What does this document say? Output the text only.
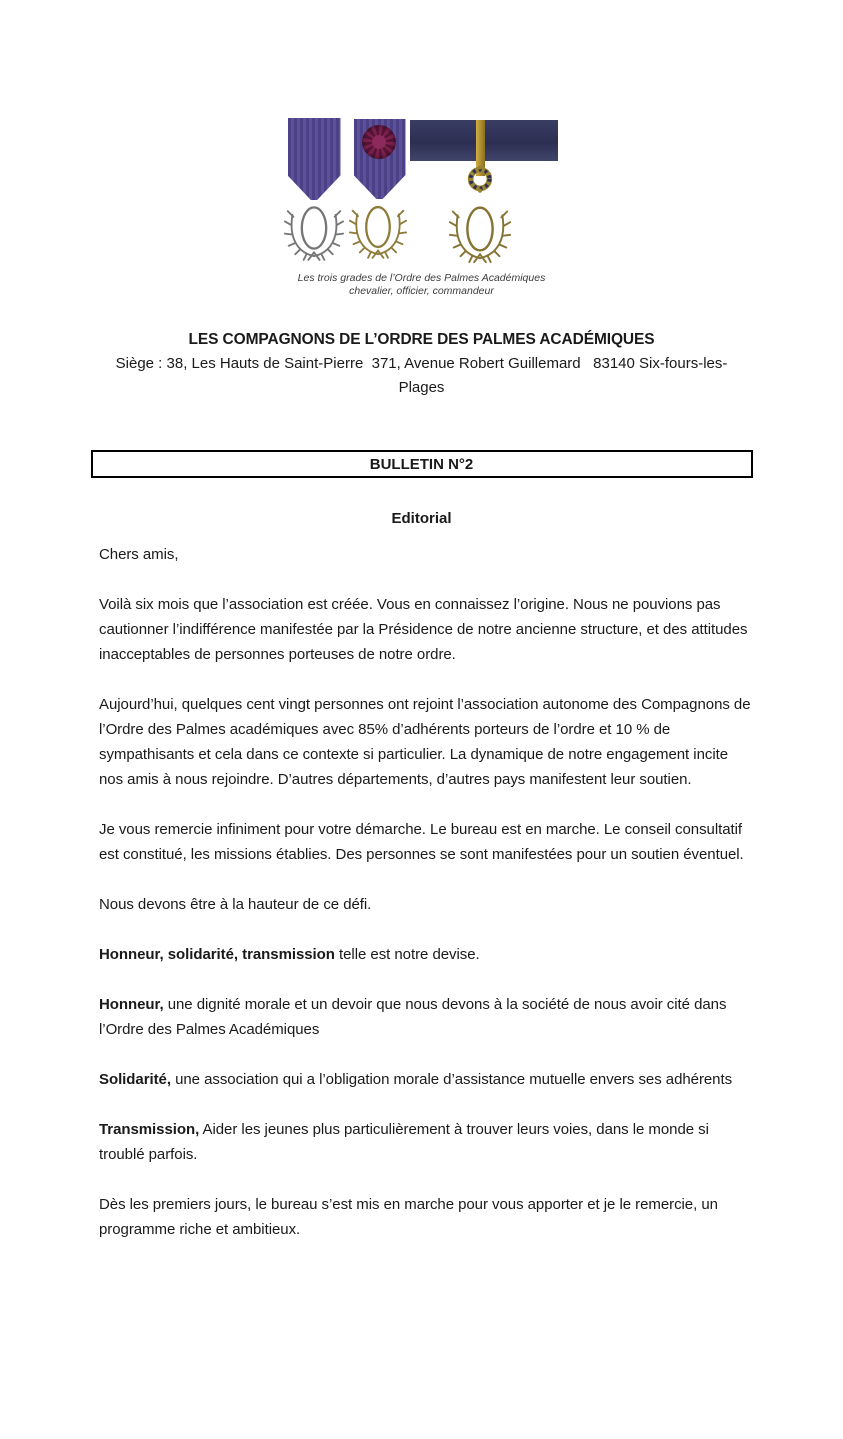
Les trois grades de l’Ordre des Palmes Académiques
chevalier, officier, commandeur
LES COMPAGNONS DE L’ORDRE DES PALMES ACADÉMIQUES
Siège : 38, Les Hauts de Saint-Pierre  371, Avenue Robert Guillemard   83140 Six-fours-les-
Plages
BULLETIN N°2
Editorial

Chers amis,

Voilà six mois que l’association est créée. Vous en connaissez l’origine. Nous ne pouvions pas cautionner l’indifférence manifestée par la Présidence de notre ancienne structure, et des attitudes inacceptables de personnes porteuses de notre ordre.

Aujourd’hui, quelques cent vingt personnes ont rejoint l’association autonome des Compagnons de l’Ordre des Palmes académiques avec 85% d’adhérents porteurs de l’ordre et 10 % de sympathisants et cela dans ce contexte si particulier. La dynamique de notre engagement incite nos amis à nous rejoindre. D’autres départements, d’autres pays manifestent leur soutien.

Je vous remercie infiniment pour votre démarche. Le bureau est en marche. Le conseil consultatif est constitué, les missions établies. Des personnes se sont manifestées pour un soutien éventuel.

Nous devons être à la hauteur de ce défi.

Honneur, solidarité, transmission telle est notre devise.

Honneur, une dignité morale et un devoir que nous devons à la société de nous avoir cité dans l’Ordre des Palmes Académiques

Solidarité, une association qui a l’obligation morale d’assistance mutuelle envers ses adhérents

Transmission, Aider les jeunes plus particulièrement à trouver leurs voies, dans le monde si troublé parfois.

Dès les premiers jours, le bureau s’est mis en marche pour vous apporter et je le remercie, un programme riche et ambitieux.
